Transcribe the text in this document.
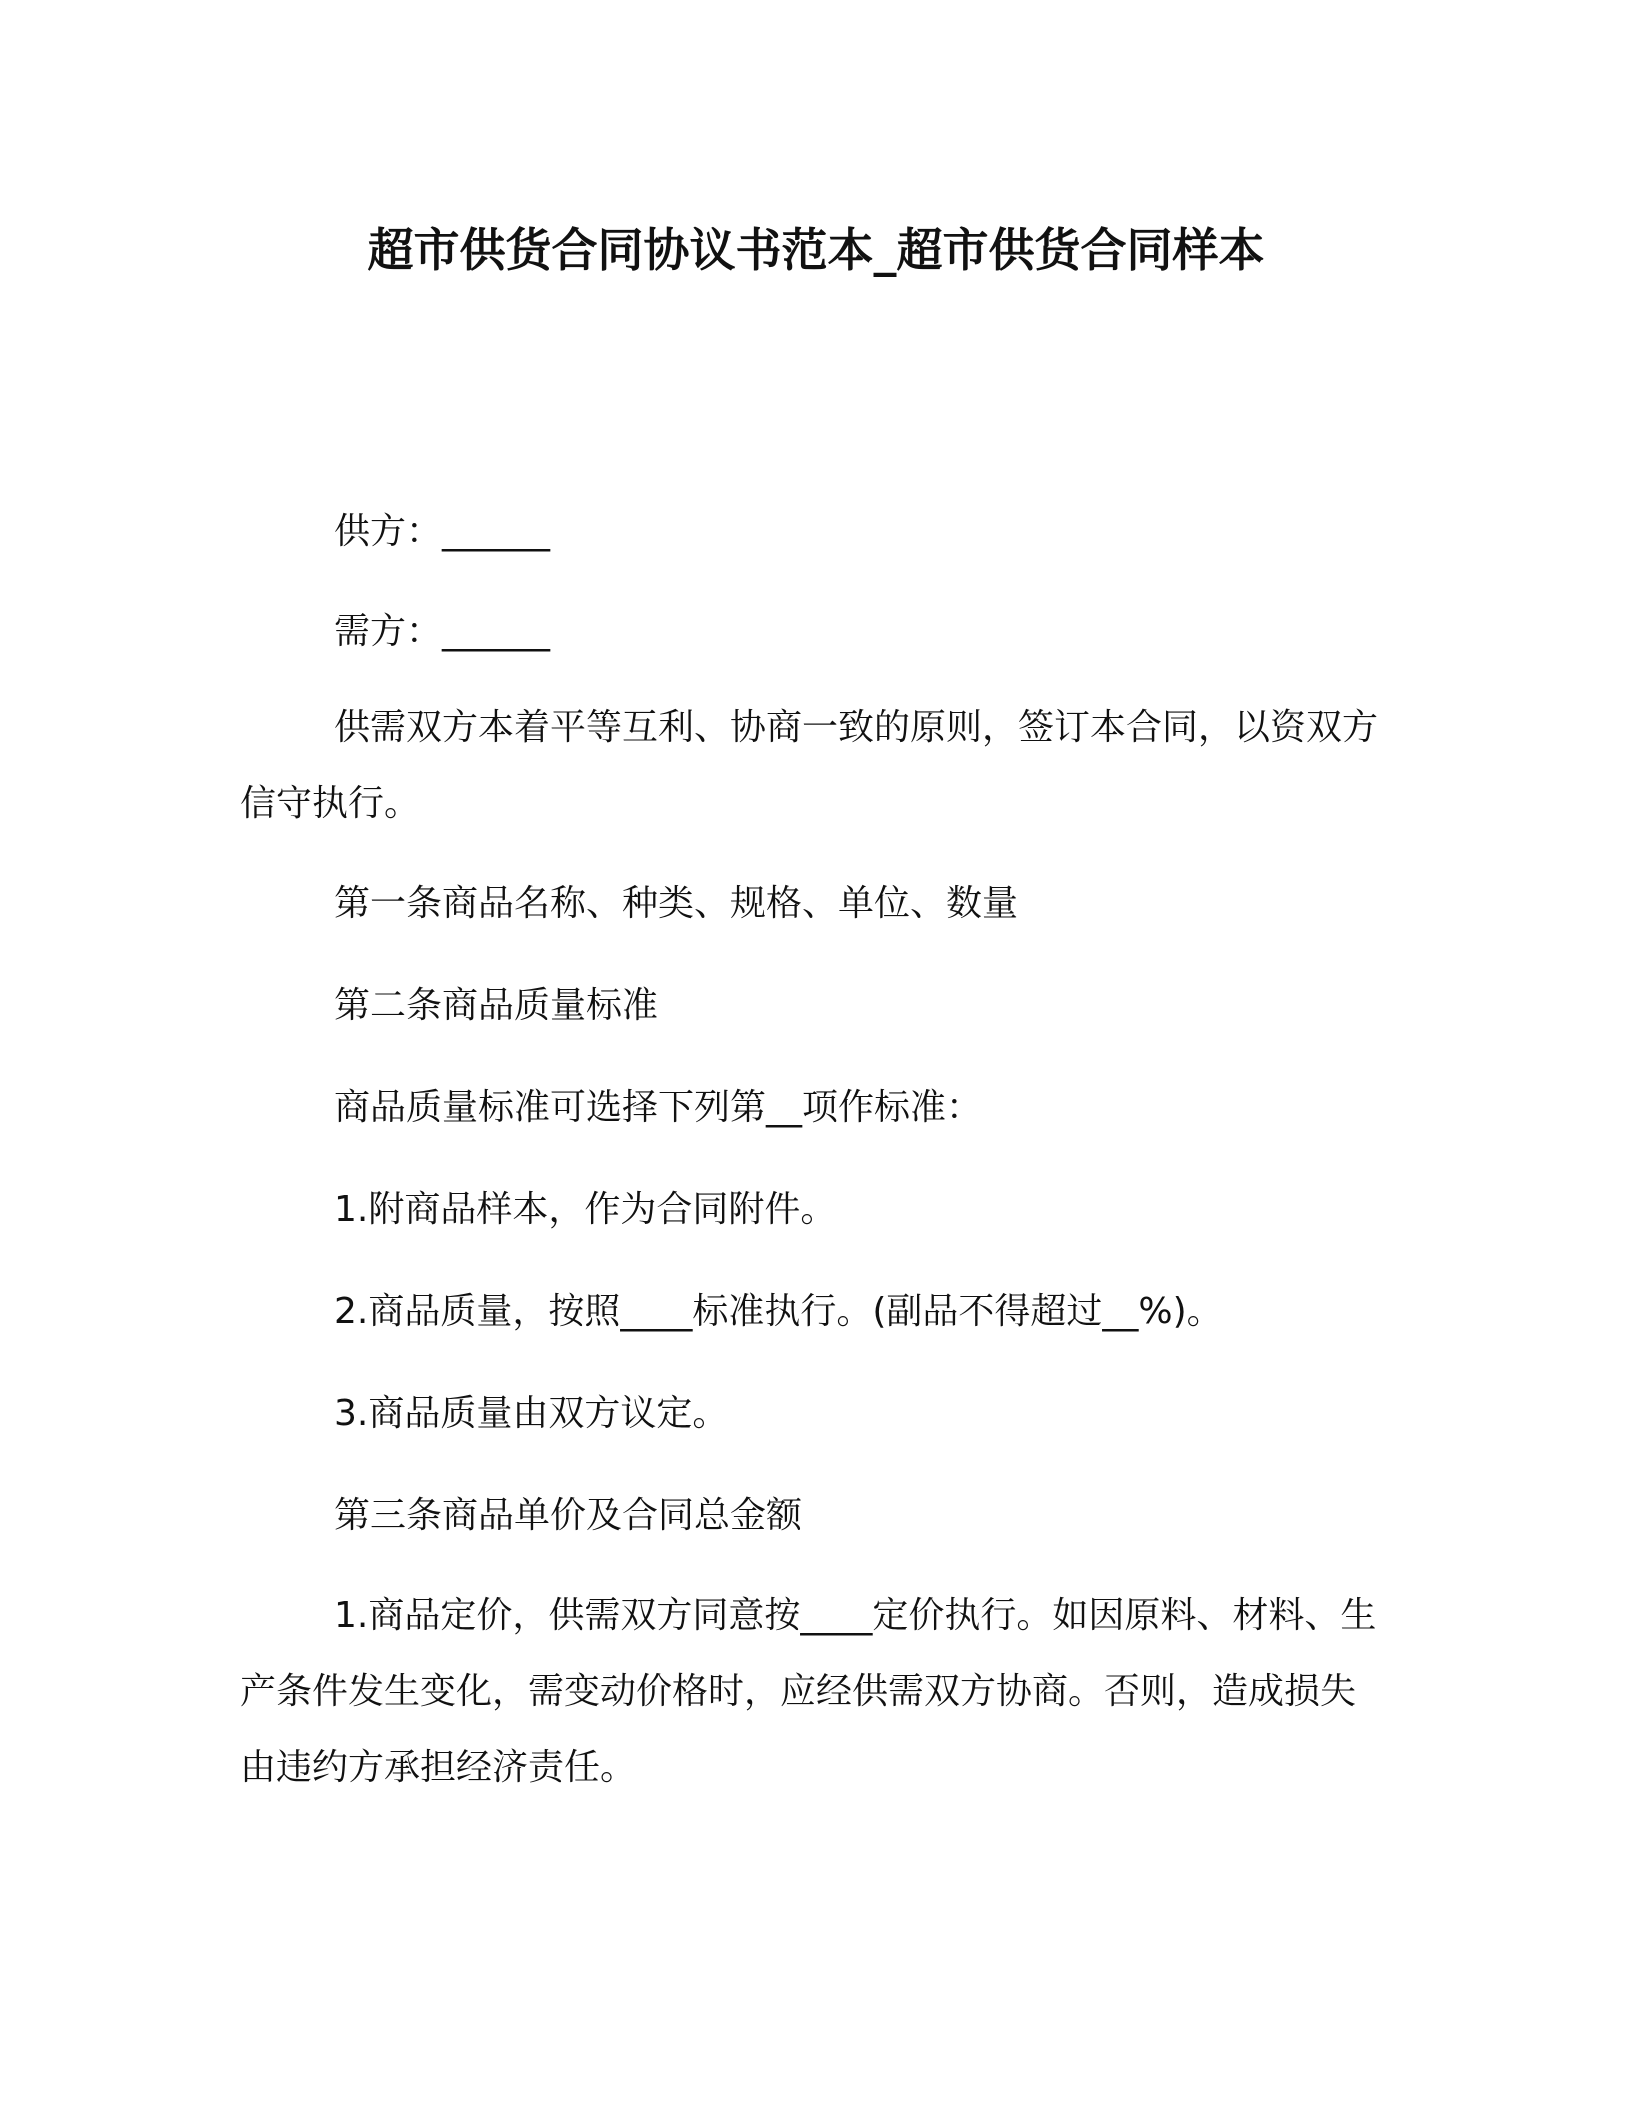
超市供货合同协议书范本_超市供货合同样本

供方：______

需方：______

供需双方本着平等互利、协商一致的原则，签订本合同，以资双方信守执行。

第一条商品名称、种类、规格、单位、数量

第二条商品质量标准

商品质量标准可选择下列第__项作标准：

1.附商品样本，作为合同附件。

2.商品质量，按照____标准执行。(副品不得超过__%)。

3.商品质量由双方议定。

第三条商品单价及合同总金额

1.商品定价，供需双方同意按____定价执行。如因原料、材料、生产条件发生变化，需变动价格时，应经供需双方协商。否则，造成损失由违约方承担经济责任。
